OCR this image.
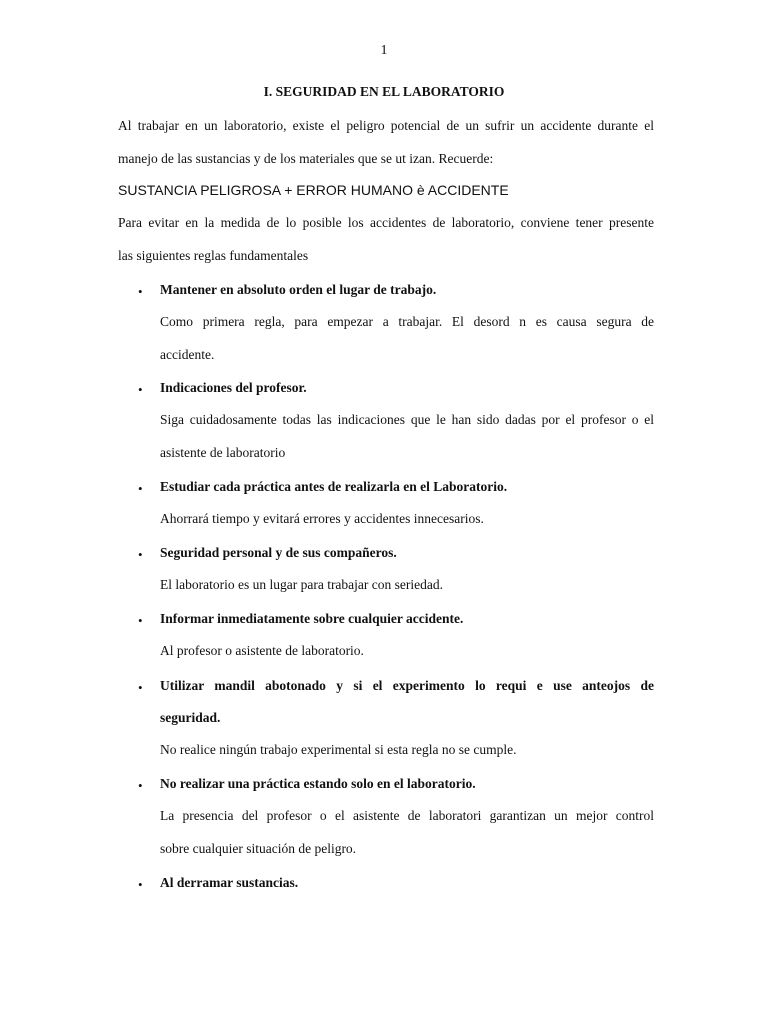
1
I. SEGURIDAD EN EL LABORATORIO
Al trabajar en un laboratorio, existe el peligro potencial de un sufrir un accidente durante el
manejo de las sustancias y de los materiales que se ut izan. Recuerde:
SUSTANCIA PELIGROSA + ERROR HUMANO è ACCIDENTE
Para evitar en la medida de lo posible los accidentes de laboratorio, conviene tener presente
las siguientes reglas fundamentales
• Mantener en absoluto orden el lugar de trabajo.
Como primera regla, para empezar a trabajar. El desord n es causa segura de
accidente.
• Indicaciones del profesor.
Siga cuidadosamente todas las indicaciones que le han sido dadas por el profesor o el
asistente de laboratorio
• Estudiar cada práctica antes de realizarla en el Laboratorio.
Ahorrará tiempo y evitará errores y accidentes innecesarios.
• Seguridad personal y de sus compañeros.
El laboratorio es un lugar para trabajar con seriedad.
• Informar inmediatamente sobre cualquier accidente.
Al profesor o asistente de laboratorio.
• Utilizar mandil abotonado y si el experimento lo requi e use anteojos de
seguridad.
No realice ningún trabajo experimental si esta regla no se cumple.
• No realizar una práctica estando solo en el laboratorio.
La presencia del profesor o el asistente de laboratori garantizan un mejor control
sobre cualquier situación de peligro.
• Al derramar sustancias.
